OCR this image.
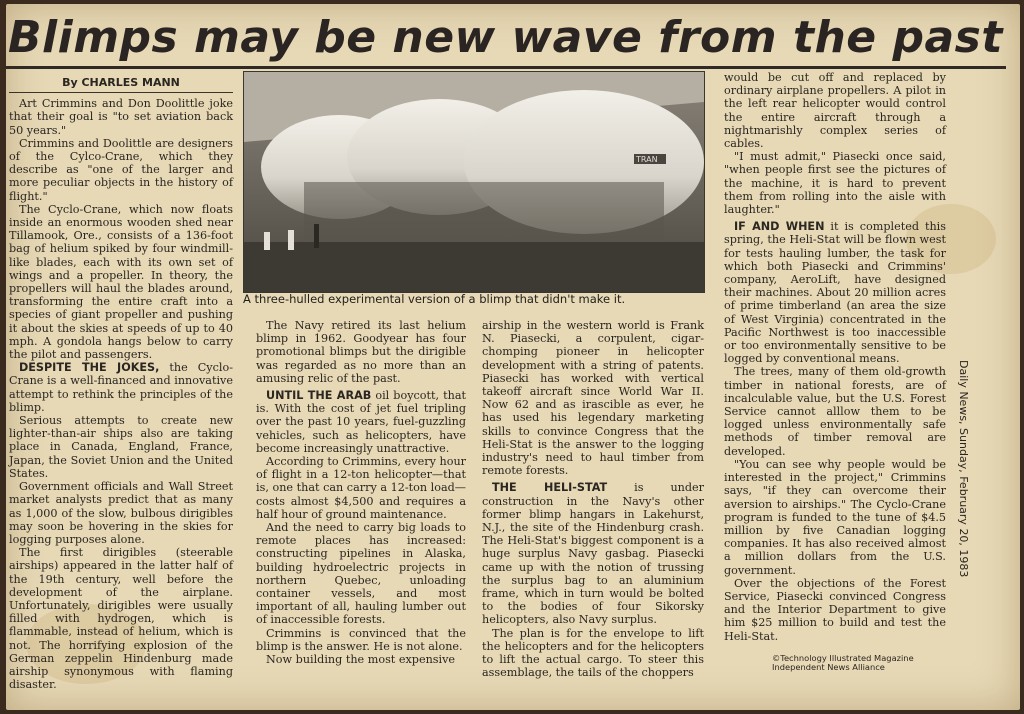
Blimps may be new wave from the past
By CHARLES MANN

Art Crimmins and Don Doolittle joke that their goal is "to set aviation back 50 years."

Crimmins and Doolittle are designers of the Cylco-Crane, which they describe as "one of the larger and more peculiar objects in the history of flight."

The Cyclo-Crane, which now floats inside an enormous wooden shed near Tillamook, Ore., consists of a 136-foot bag of helium spiked by four windmill-like blades, each with its own set of wings and a propeller. In theory, the propellers will haul the blades around, transforming the entire craft into a species of giant propeller and pushing it about the skies at speeds of up to 40 mph. A gondola hangs below to carry the pilot and passengers.

DESPITE THE JOKES, the Cyclo-Crane is a well-financed and innovative attempt to rethink the principles of the blimp.

Serious attempts to create new lighter-than-air ships also are taking place in Canada, England, France, Japan, the Soviet Union and the United States.

Government officials and Wall Street market analysts predict that as many as 1,000 of the slow, bulbous dirigibles may soon be hovering in the skies for logging purposes alone.

The first dirigibles (steerable airships) appeared in the latter half of the 19th century, well before the development of the airplane. Unfortunately, dirigibles were usually filled with hydrogen, which is flammable, instead of helium, which is not. The horrifying explosion of the German zeppelin Hindenburg made airship synonymous with flaming disaster.

TRAN
A three-hulled experimental version of a blimp that didn't make it.

The Navy retired its last helium blimp in 1962. Goodyear has four promotional blimps but the dirigible was regarded as no more than an amusing relic of the past.

UNTIL THE ARAB oil boycott, that is. With the cost of jet fuel tripling over the past 10 years, fuel-guzzling vehicles, such as helicopters, have become increasingly unattractive.

According to Crimmins, every hour of flight in a 12-ton helicopter—that is, one that can carry a 12-ton load—costs almost $4,500 and requires a half hour of ground maintenance.

And the need to carry big loads to remote places has increased: constructing pipelines in Alaska, building hydroelectric projects in northern Quebec, unloading container vessels, and most important of all, hauling lumber out of inaccessible forests.

Crimmins is convinced that the blimp is the answer. He is not alone.

Now building the most expensive

airship in the western world is Frank N. Piasecki, a corpulent, cigar-chomping pioneer in helicopter development with a string of patents. Piasecki has worked with vertical takeoff aircraft since World War II. Now 62 and as irascible as ever, he has used his legendary marketing skills to convince Congress that the Heli-Stat is the answer to the logging industry's need to haul timber from remote forests.

THE HELI-STAT is under construction in the Navy's other former blimp hangars in Lakehurst, N.J., the site of the Hindenburg crash. The Heli-Stat's biggest component is a huge surplus Navy gasbag. Piasecki came up with the notion of trussing the surplus bag to an aluminium frame, which in turn would be bolted to the bodies of four Sikorsky helicopters, also Navy surplus.

The plan is for the envelope to lift the helicopters and for the helicopters to lift the actual cargo. To steer this assemblage, the tails of the choppers

would be cut off and replaced by ordinary airplane propellers. A pilot in the left rear helicopter would control the entire aircraft through a nightmarishly complex series of cables.

"I must admit," Piasecki once said, "when people first see the pictures of the machine, it is hard to prevent them from rolling into the aisle with laughter."

IF AND WHEN it is completed this spring, the Heli-Stat will be flown west for tests hauling lumber, the task for which both Piasecki and Crimmins' company, AeroLift, have designed their machines. About 20 million acres of prime timberland (an area the size of West Virginia) concentrated in the Pacific Northwest is too inaccessible or too environmentally sensitive to be logged by conventional means.

The trees, many of them old-growth timber in national forests, are of incalculable value, but the U.S. Forest Service cannot alllow them to be logged unless environmentally safe methods of timber removal are developed.

"You can see why people would be interested in the project," Crimmins says, "if they can overcome their aversion to airships." The Cyclo-Crane program is funded to the tune of $4.5 million by five Canadian logging companies. It has also received almost a million dollars from the U.S. government.

Over the objections of the Forest Service, Piasecki convinced Congress and the Interior Department to give him $25 million to build and test the Heli-Stat.

©Technology Illustrated Magazine
Independent News Alliance
Daily News, Sunday, February 20, 1983
